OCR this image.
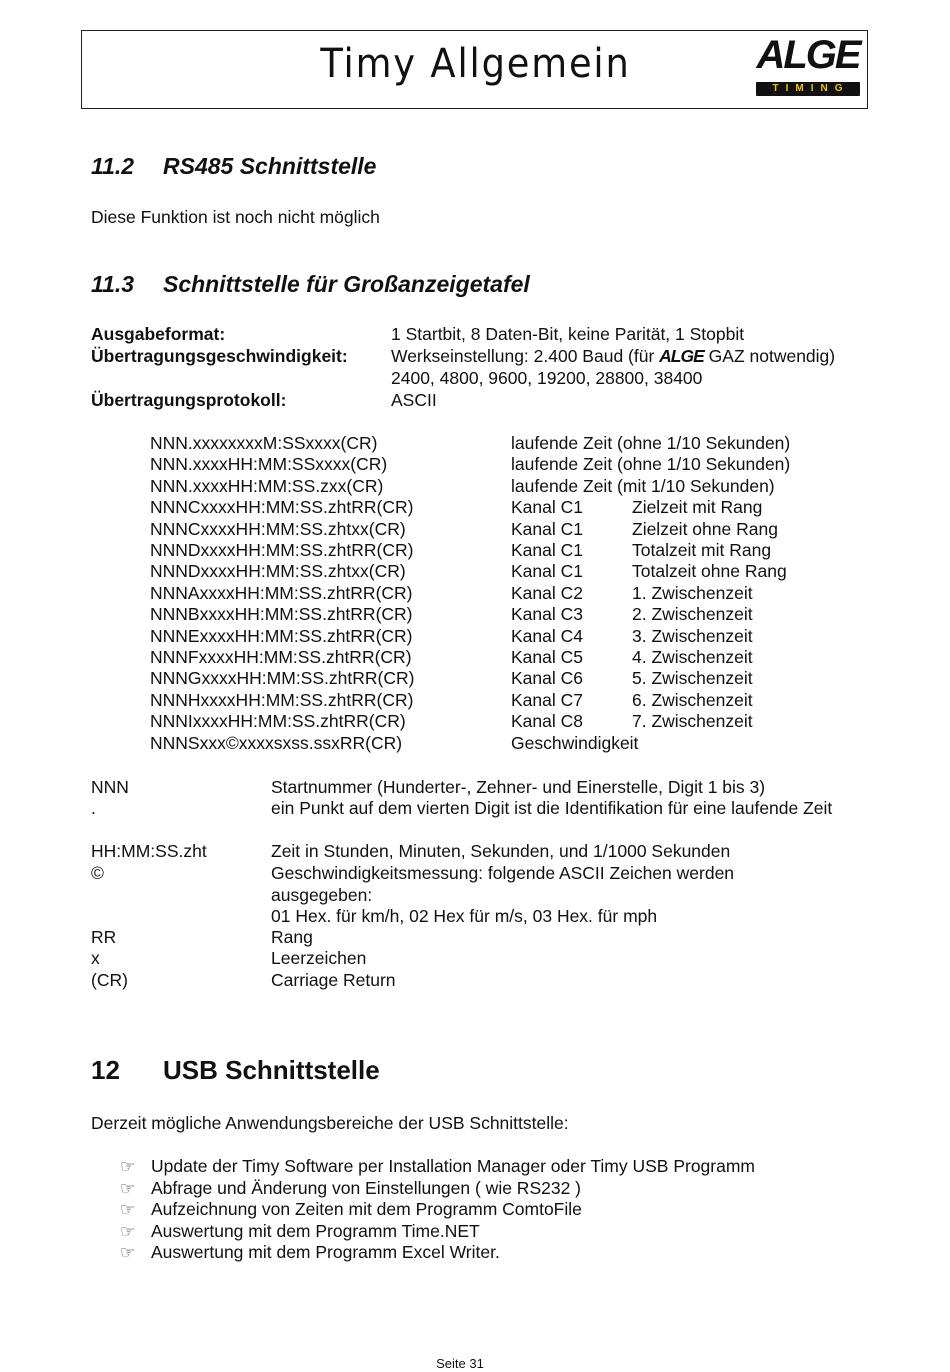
Timy Allgemein	ALGE
TIMING
11.2 RS485 Schnittstelle
Diese Funktion ist noch nicht möglich
11.3 Schnittstelle für Großanzeigetafel
Ausgabeformat:	1 Startbit, 8 Daten-Bit, keine Parität, 1 Stopbit
Übertragungsgeschwindigkeit: Werkseinstellung: 2.400 Baud (für ALGE GAZ notwendig)
2400, 4800, 9600, 19200, 28800, 38400
Übertragungsprotokoll:	ASCII
NNN.xxxxxxxxM:SSxxxx(CR)	laufende Zeit (ohne 1/10 Sekunden)
NNN.xxxxHH:MM:SSxxxx(CR)	laufende Zeit (ohne 1/10 Sekunden)
NNN.xxxxHH:MM:SS.zxx(CR)	laufende Zeit (mit 1/10 Sekunden)
NNNCxxxxHH:MM:SS.zhtRR(CR)	Kanal C1	Zielzeit mit Rang
NNNCxxxxHH:MM:SS.zhtxx(CR)	Kanal C1	Zielzeit ohne Rang
NNNDxxxxHH:MM:SS.zhtRR(CR)	Kanal C1	Totalzeit mit Rang
NNNDxxxxHH:MM:SS.zhtxx(CR)	Kanal C1	Totalzeit ohne Rang
NNNAxxxxHH:MM:SS.zhtRR(CR)	Kanal C2	1. Zwischenzeit
NNNBxxxxHH:MM:SS.zhtRR(CR)	Kanal C3	2. Zwischenzeit
NNNExxxxHH:MM:SS.zhtRR(CR)	Kanal C4	3. Zwischenzeit
NNNFxxxxHH:MM:SS.zhtRR(CR)	Kanal C5	4. Zwischenzeit
NNNGxxxxHH:MM:SS.zhtRR(CR)	Kanal C6	5. Zwischenzeit
NNNHxxxxHH:MM:SS.zhtRR(CR)	Kanal C7	6. Zwischenzeit
NNNIxxxxHH:MM:SS.zhtRR(CR)	Kanal C8	7. Zwischenzeit
NNNSxxx©xxxxsxss.ssxRR(CR)	Geschwindigkeit
NNN	Startnummer (Hunderter-, Zehner- und Einerstelle, Digit 1 bis 3)
.	ein Punkt auf dem vierten Digit ist die Identifikation für eine laufende Zeit
HH:MM:SS.zht	Zeit in Stunden, Minuten, Sekunden, und 1/1000 Sekunden
©	Geschwindigkeitsmessung: folgende ASCII Zeichen werden ausgegeben:
01 Hex. für km/h, 02 Hex für m/s, 03 Hex. für mph
RR	Rang
x	Leerzeichen
(CR)	Carriage Return
12 USB Schnittstelle
Derzeit mögliche Anwendungsbereiche der USB Schnittstelle:
☞ Update der Timy Software per Installation Manager oder Timy USB Programm
☞ Abfrage und Änderung von Einstellungen ( wie RS232 )
☞ Aufzeichnung von Zeiten mit dem Programm ComtoFile
☞ Auswertung mit dem Programm Time.NET
☞ Auswertung mit dem Programm Excel Writer.
Seite 31
